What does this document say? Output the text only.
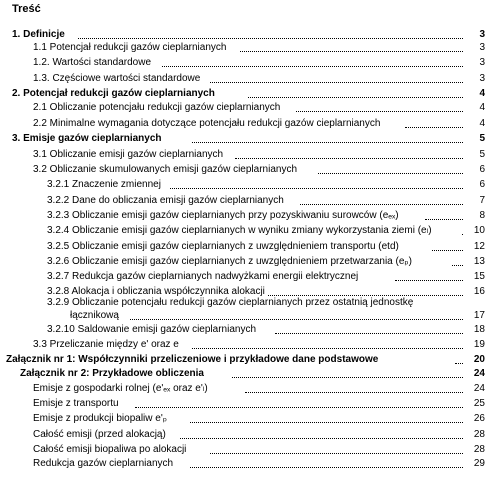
Treść
1. Definicje	3
1.1 Potencjał redukcji gazów cieplarnianych	3
1.2. Wartości standardowe	3
1.3. Częściowe wartości standardowe	3
2. Potencjał redukcji gazów cieplarnianych	4
2.1 Obliczanie potencjału redukcji gazów cieplarnianych	4
2.2 Minimalne wymagania dotyczące potencjału redukcji gazów cieplarnianych	4
3. Emisje gazów cieplarnianych	5
3.1 Obliczanie emisji gazów cieplarnianych	5
3.2 Obliczanie skumulowanych emisji gazów cieplarnianych	6
3.2.1 Znaczenie zmiennej	6
3.2.2 Dane do obliczania emisji gazów cieplarnianych	7
3.2.3 Obliczanie emisji gazów cieplarnianych przy pozyskiwaniu surowców (eₑₓ)	8
3.2.4 Obliczanie emisji gazów cieplarnianych w wyniku zmiany wykorzystania ziemi (eₗ)	10
3.2.5 Obliczanie emisji gazów cieplarnianych z uwzględnieniem transportu (etd)	12
3.2.6 Obliczanie emisji gazów cieplarnianych z uwzględnieniem przetwarzania (eₚ)	13
3.2.7 Redukcja gazów cieplarnianych nadwyżkami energii elektrycznej	15
3.2.8 Alokacja i obliczania współczynnika alokacji	16
3.2.9 Obliczanie potencjału redukcji gazów cieplarnianych przez ostatnią jednostkę
łącznikową	17
3.2.10 Saldowanie emisji gazów cieplarnianych	18
3.3 Przeliczanie między e' oraz e	19
Załącznik nr 1: Współczynniki przeliczeniowe i przykładowe dane podstawowe	20
Załącznik nr 2: Przykładowe obliczenia	24
Emisje z gospodarki rolnej (e'ₑₓ oraz e'ₗ)	24
Emisje z transportu	25
Emisje z produkcji biopaliw e'ₚ	26
Całość emisji (przed alokacją)	28
Całość emisji biopaliwa po alokacji	28
Redukcja gazów cieplarnianych	29
